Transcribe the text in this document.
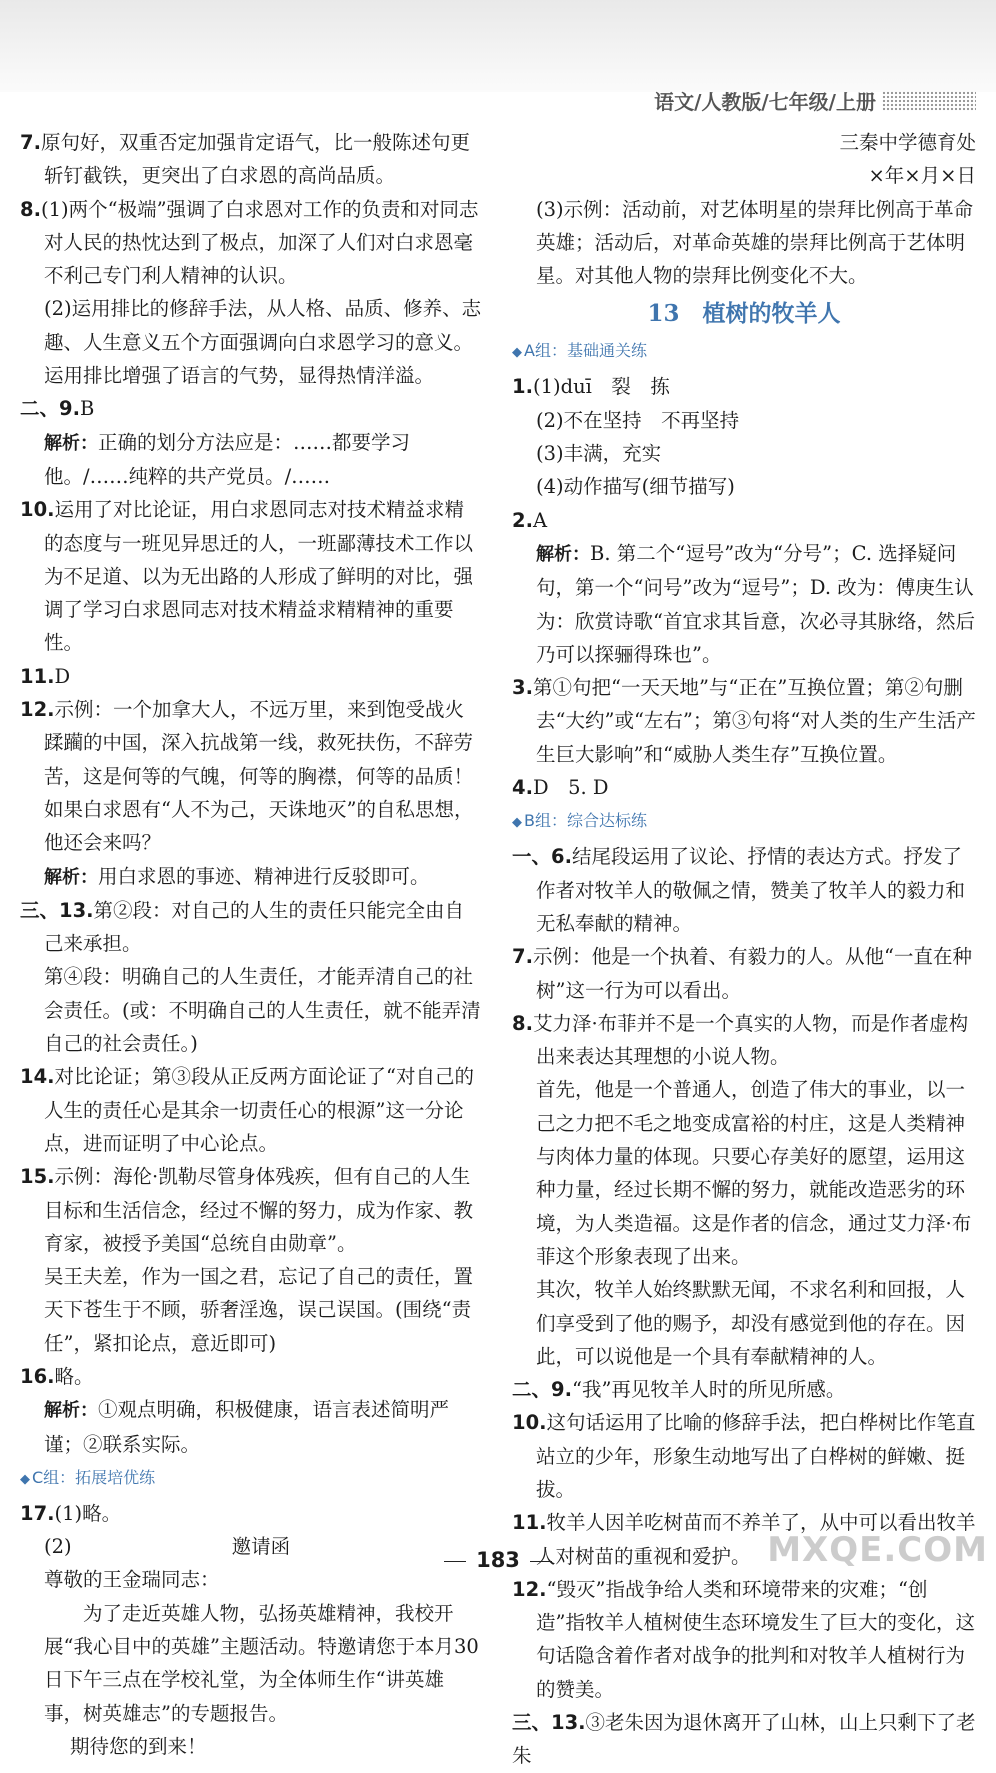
语文/人教版/七年级/上册

7.原句好，双重否定加强肯定语气，比一般陈述句更斩钉截铁，更突出了白求恩的高尚品质。

8.(1)两个“极端”强调了白求恩对工作的负责和对同志对人民的热忱达到了极点，加深了人们对白求恩毫不利己专门利人精神的认识。

(2)运用排比的修辞手法，从人格、品质、修养、志趣、人生意义五个方面强调向白求恩学习的意义。运用排比增强了语言的气势，显得热情洋溢。

二、9.B

解析：正确的划分方法应是：……都要学习他。/……纯粹的共产党员。/……

10.运用了对比论证，用白求恩同志对技术精益求精的态度与一班见异思迁的人，一班鄙薄技术工作以为不足道、以为无出路的人形成了鲜明的对比，强调了学习白求恩同志对技术精益求精精神的重要性。

11.D

12.示例：一个加拿大人，不远万里，来到饱受战火蹂躏的中国，深入抗战第一线，救死扶伤，不辞劳苦，这是何等的气魄，何等的胸襟，何等的品质！如果白求恩有“人不为己，天诛地灭”的自私思想，他还会来吗？

解析：用白求恩的事迹、精神进行反驳即可。

三、13.第②段：对自己的人生的责任只能完全由自己来承担。

第④段：明确自己的人生责任，才能弄清自己的社会责任。(或：不明确自己的人生责任，就不能弄清自己的社会责任。)

14.对比论证；第③段从正反两方面论证了“对自己的人生的责任心是其余一切责任心的根源”这一分论点，进而证明了中心论点。

15.示例：海伦·凯勒尽管身体残疾，但有自己的人生目标和生活信念，经过不懈的努力，成为作家、教育家，被授予美国“总统自由勋章”。

吴王夫差，作为一国之君，忘记了自己的责任，置天下苍生于不顾，骄奢淫逸，误己误国。(围绕“责任”，紧扣论点，意近即可)

16.略。

解析：①观点明确，积极健康，语言表述简明严谨；②联系实际。

◆ C组：拓展培优练

17.(1)略。

(2)	邀请函

尊敬的王金瑞同志：

　　为了走近英雄人物，弘扬英雄精神，我校开展“我心目中的英雄”主题活动。特邀请您于本月30日下午三点在学校礼堂，为全体师生作“讲英雄事，树英雄志”的专题报告。

期待您的到来！

三秦中学德育处

×年×月×日

(3)示例：活动前，对艺体明星的崇拜比例高于革命英雄；活动后，对革命英雄的崇拜比例高于艺体明星。对其他人物的崇拜比例变化不大。

13　植树的牧羊人
◆ A组：基础通关练

1.(1)duī　裂　拣

(2)不在坚持　不再坚持

(3)丰满，充实

(4)动作描写(细节描写)

2.A

解析：B. 第二个“逗号”改为“分号”；C. 选择疑问句，第一个“问号”改为“逗号”；D. 改为：傅庚生认为：欣赏诗歌“首宜求其旨意，次必寻其脉络，然后乃可以探骊得珠也”。

3.第①句把“一天天地”与“正在”互换位置；第②句删去“大约”或“左右”；第③句将“对人类的生产生活产生巨大影响”和“威胁人类生存”互换位置。

4.D　5. D

◆ B组：综合达标练

一、6.结尾段运用了议论、抒情的表达方式。抒发了作者对牧羊人的敬佩之情，赞美了牧羊人的毅力和无私奉献的精神。

7.示例：他是一个执着、有毅力的人。从他“一直在种树”这一行为可以看出。

8.艾力泽·布菲并不是一个真实的人物，而是作者虚构出来表达其理想的小说人物。

首先，他是一个普通人，创造了伟大的事业，以一己之力把不毛之地变成富裕的村庄，这是人类精神与肉体力量的体现。只要心存美好的愿望，运用这种力量，经过长期不懈的努力，就能改造恶劣的环境，为人类造福。这是作者的信念，通过艾力泽·布菲这个形象表现了出来。

其次，牧羊人始终默默无闻，不求名利和回报，人们享受到了他的赐予，却没有感觉到他的存在。因此，可以说他是一个具有奉献精神的人。

二、9.“我”再见牧羊人时的所见所感。

10.这句话运用了比喻的修辞手法，把白桦树比作笔直站立的少年，形象生动地写出了白桦树的鲜嫩、挺拔。

11.牧羊人因羊吃树苗而不养羊了，从中可以看出牧羊人对树苗的重视和爱护。

12.“毁灭”指战争给人类和环境带来的灾难；“创造”指牧羊人植树使生态环境发生了巨大的变化，这句话隐含着作者对战争的批判和对牧羊人植树行为的赞美。

三、13.③老朱因为退休离开了山林，山上只剩下了老朱

183	MXQE.COM
